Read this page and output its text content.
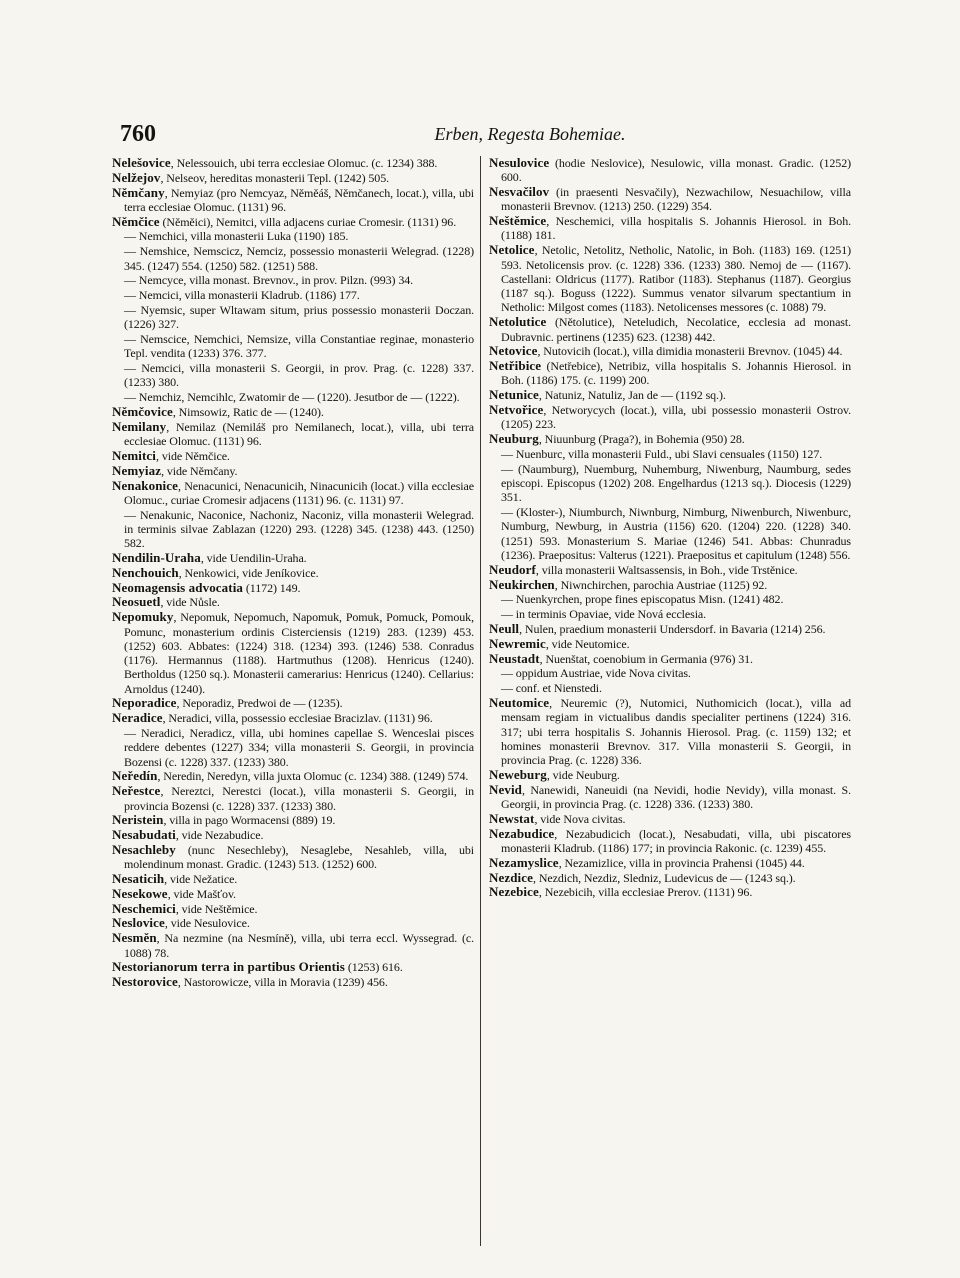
760	Erben, Regesta Bohemiae.
Nelešovice, Nelessouich, ubi terra ecclesiae Olomuc. (c. 1234) 388.
Nelžejov, Nelseov, hereditas monasterii Tepl. (1242) 505.
Němčany, Nemyiaz (pro Nemcyaz, Něměáš, Němčanech, locat.), villa, ubi terra ecclesiae Olomuc. (1131) 96.
Němčice (Něměici), Nemitci, villa adjacens curiae Cromesir. (1131) 96.
— Nemchici, villa monasterii Luka (1190) 185.
— Nemshice, Nemscicz, Nemciz, possessio monasterii Welegrad. (1228) 345. (1247) 554. (1250) 582. (1251) 588.
— Nemcyce, villa monast. Brevnov., in prov. Pilzn. (993) 34.
— Nemcici, villa monasterii Kladrub. (1186) 177.
— Nyemsic, super Wltawam situm, prius possessio monasterii Doczan. (1226) 327.
— Nemscice, Nemchici, Nemsize, villa Constantiae reginae, monasterio Tepl. vendita (1233) 376. 377.
— Nemcici, villa monasterii S. Georgii, in prov. Prag. (c. 1228) 337. (1233) 380.
— Nemchiz, Nemcihlc, Zwatomir de — (1220). Jesutbor de — (1222).
Němčovice, Nimsowiz, Ratic de — (1240).
Nemilany, Nemilaz (Nemiláš pro Nemilanech, locat.), villa, ubi terra ecclesiae Olomuc. (1131) 96.
Nemitci, vide Němčice.
Nemyiaz, vide Němčany.
Nenakonice, Nenacunici, Nenacunicih, Ninacunicih (locat.) villa ecclesiae Olomuc., curiae Cromesir adjacens (1131) 96. (c. 1131) 97.
— Nenakunic, Naconice, Nachoniz, Naconiz, villa monasterii Welegrad. in terminis silvae Zablazan (1220) 293. (1228) 345. (1238) 443. (1250) 582.
Nendilin-Uraha, vide Uendilin-Uraha.
Nenchouich, Nenkowici, vide Jeníkovice.
Neomagensis advocatia (1172) 149.
Neosuetl, vide Nůsle.
Nepomuky, Nepomuk, Nepomuch, Napomuk, Pomuk, Pomuck, Pomouk, Pomunc, monasterium ordinis Cisterciensis (1219) 283. (1239) 453. (1252) 603. Abbates: (1224) 318. (1234) 393. (1246) 538. Conradus (1176). Hermannus (1188). Hartmuthus (1208). Henricus (1240). Bertholdus (1250 sq.). Monasterii camerarius: Henricus (1240). Cellarius: Arnoldus (1240).
Neporadice, Neporadiz, Predwoi de — (1235).
Neradice, Neradici, villa, possessio ecclesiae Bracizlav. (1131) 96.
— Neradici, Neradicz, villa, ubi homines capellae S. Wenceslai pisces reddere debentes (1227) 334; villa monasterii S. Georgii, in provincia Bozensi (c. 1228) 337. (1233) 380.
Neředín, Neredin, Neredyn, villa juxta Olomuc (c. 1234) 388. (1249) 574.
Neřestce, Nereztci, Nerestci (locat.), villa monasterii S. Georgii, in provincia Bozensi (c. 1228) 337. (1233) 380.
Neristein, villa in pago Wormacensi (889) 19.
Nesabudati, vide Nezabudice.
Nesachleby (nunc Nesechleby), Nesaglebe, Nesahleb, villa, ubi molendinum monast. Gradic. (1243) 513. (1252) 600.
Nesaticih, vide Nežatice.
Nesekowe, vide Mašťov.
Neschemici, vide Neštěmice.
Neslovice, vide Nesulovice.
Nesměn, Na nezmine (na Nesmíně), villa, ubi terra eccl. Wyssegrad. (c. 1088) 78.
Nestorianorum terra in partibus Orientis (1253) 616.
Nestorovice, Nastorowicze, villa in Moravia (1239) 456.
Nesulovice (hodie Neslovice), Nesulowic, villa monast. Gradic. (1252) 600.
Nesvačilov (in praesenti Nesvačily), Nezwachilow, Nesuachilow, villa monasterii Brevnov. (1213) 250. (1229) 354.
Neštěmice, Neschemici, villa hospitalis S. Johannis Hierosol. in Boh. (1188) 181.
Netolice, Netolic, Netolitz, Netholic, Natolic, in Boh. (1183) 169. (1251) 593. Netolicensis prov. (c. 1228) 336. (1233) 380. Nemoj de — (1167). Castellani: Oldricus (1177). Ratibor (1183). Stephanus (1187). Georgius (1187 sq.). Boguss (1222). Summus venator silvarum spectantium in Netholic: Milgost comes (1183). Netolicenses messores (c. 1088) 79.
Netolutice (Nětolutice), Neteludich, Necolatice, ecclesia ad monast. Dubravnic. pertinens (1235) 623. (1238) 442.
Netovice, Nutovicih (locat.), villa dimidia monasterii Brevnov. (1045) 44.
Netřibice (Netřebice), Netribiz, villa hospitalis S. Johannis Hierosol. in Boh. (1186) 175. (c. 1199) 200.
Netunice, Natuniz, Natuliz, Jan de — (1192 sq.).
Netvořice, Networycych (locat.), villa, ubi possessio monasterii Ostrov. (1205) 223.
Neuburg, Niuunburg (Praga?), in Bohemia (950) 28.
— Nuenburc, villa monasterii Fuld., ubi Slavi censuales (1150) 127.
— (Naumburg), Nuemburg, Nuhemburg, Niwenburg, Naumburg, sedes episcopi. Episcopus (1202) 208. Engelhardus (1213 sq.). Diocesis (1229) 351.
— (Kloster-), Niumburch, Niwnburg, Nimburg, Niwenburch, Niwenburc, Numburg, Newburg, in Austria (1156) 620. (1204) 220. (1228) 340. (1251) 593. Monasterium S. Mariae (1246) 541. Abbas: Chunradus (1236). Praepositus: Valterus (1221). Praepositus et capitulum (1248) 556.
Neudorf, villa monasterii Waltsassensis, in Boh., vide Trstěnice.
Neukirchen, Niwnchirchen, parochia Austriae (1125) 92.
— Nuenkyrchen, prope fines episcopatus Misn. (1241) 482.
— in terminis Opaviae, vide Nová ecclesia.
Neull, Nulen, praedium monasterii Undersdorf. in Bavaria (1214) 256.
Newremic, vide Neutomice.
Neustadt, Nuenštat, coenobium in Germania (976) 31.
— oppidum Austriae, vide Nova civitas.
— conf. et Nienstedi.
Neutomice, Neuremic (?), Nutomici, Nuthomicich (locat.), villa ad mensam regiam in victualibus dandis specialiter pertinens (1224) 316. 317; ubi terra hospitalis S. Johannis Hierosol. Prag. (c. 1159) 132; et homines monasterii Brevnov. 317. Villa monasterii S. Georgii, in provincia Prag. (c. 1228) 336.
Neweburg, vide Neuburg.
Nevid, Nanewidi, Naneuidi (na Nevidi, hodie Nevidy), villa monast. S. Georgii, in provincia Prag. (c. 1228) 336. (1233) 380.
Newstat, vide Nova civitas.
Nezabudice, Nezabudicich (locat.), Nesabudati, villa, ubi piscatores monasterii Kladrub. (1186) 177; in provincia Rakonic. (c. 1239) 455.
Nezamyslice, Nezamizlice, villa in provincia Prahensi (1045) 44.
Nezdice, Nezdich, Nezdiz, Sledniz, Ludevicus de — (1243 sq.).
Nezebice, Nezebicih, villa ecclesiae Prerov. (1131) 96.
